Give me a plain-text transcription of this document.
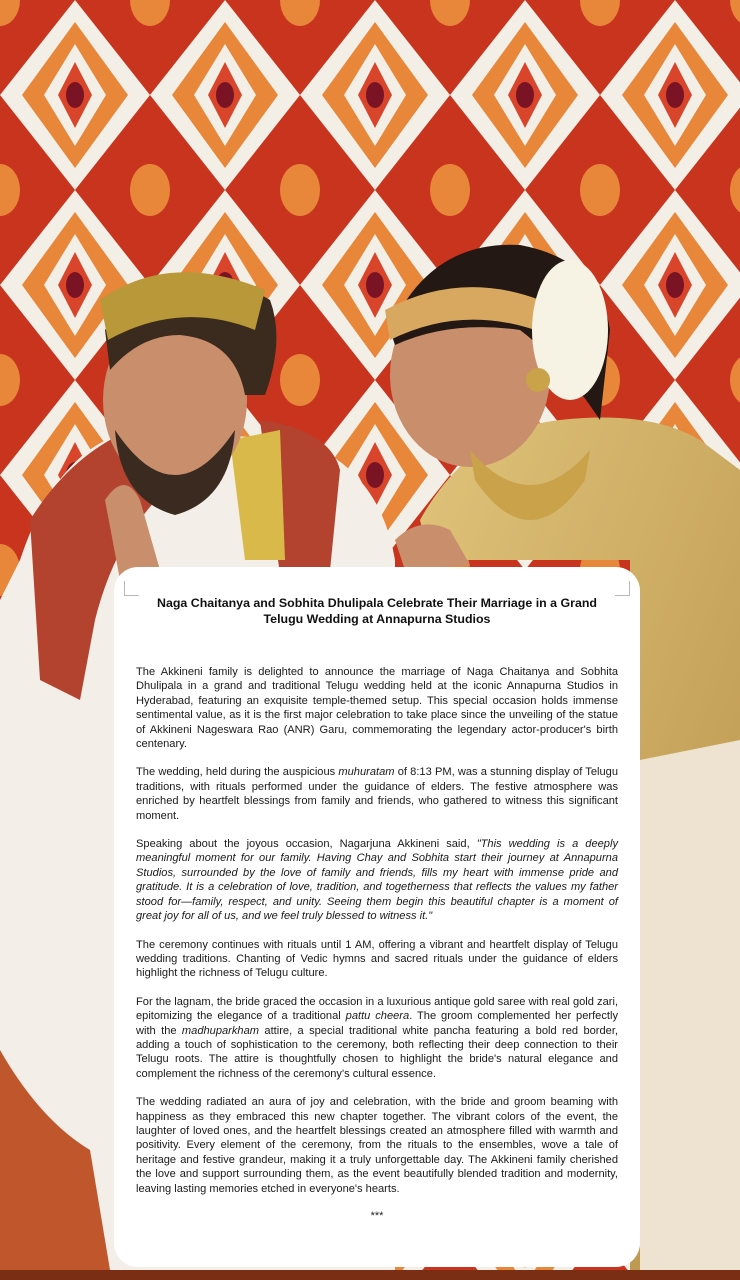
Naga Chaitanya and Sobhita Dhulipala Celebrate Their Marriage in a Grand Telugu Wedding at Annapurna Studios

The Akkineni family is delighted to announce the marriage of Naga Chaitanya and Sobhita Dhulipala in a grand and traditional Telugu wedding held at the iconic Annapurna Studios in Hyderabad, featuring an exquisite temple-themed setup. This special occasion holds immense sentimental value, as it is the first major celebration to take place since the unveiling of the statue of Akkineni Nageswara Rao (ANR) Garu, commemorating the legendary actor-producer's birth centenary.

The wedding, held during the auspicious muhuratam of 8:13 PM, was a stunning display of Telugu traditions, with rituals performed under the guidance of elders. The festive atmosphere was enriched by heartfelt blessings from family and friends, who gathered to witness this significant moment.

Speaking about the joyous occasion, Nagarjuna Akkineni said, "This wedding is a deeply meaningful moment for our family. Having Chay and Sobhita start their journey at Annapurna Studios, surrounded by the love of family and friends, fills my heart with immense pride and gratitude. It is a celebration of love, tradition, and togetherness that reflects the values my father stood for—family, respect, and unity. Seeing them begin this beautiful chapter is a moment of great joy for all of us, and we feel truly blessed to witness it."

The ceremony continues with rituals until 1 AM, offering a vibrant and heartfelt display of Telugu wedding traditions. Chanting of Vedic hymns and sacred rituals under the guidance of elders highlight the richness of Telugu culture.

For the lagnam, the bride graced the occasion in a luxurious antique gold saree with real gold zari, epitomizing the elegance of a traditional pattu cheera. The groom complemented her perfectly with the madhuparkham attire, a special traditional white pancha featuring a bold red border, adding a touch of sophistication to the ceremony, both reflecting their deep connection to their Telugu roots. The attire is thoughtfully chosen to highlight the bride's natural elegance and complement the richness of the ceremony's cultural essence.

The wedding radiated an aura of joy and celebration, with the bride and groom beaming with happiness as they embraced this new chapter together. The vibrant colors of the event, the laughter of loved ones, and the heartfelt blessings created an atmosphere filled with warmth and positivity. Every element of the ceremony, from the rituals to the ensembles, wove a tale of heritage and festive grandeur, making it a truly unforgettable day. The Akkineni family cherished the love and support surrounding them, as the event beautifully blended tradition and modernity, leaving lasting memories etched in everyone's hearts.

***
